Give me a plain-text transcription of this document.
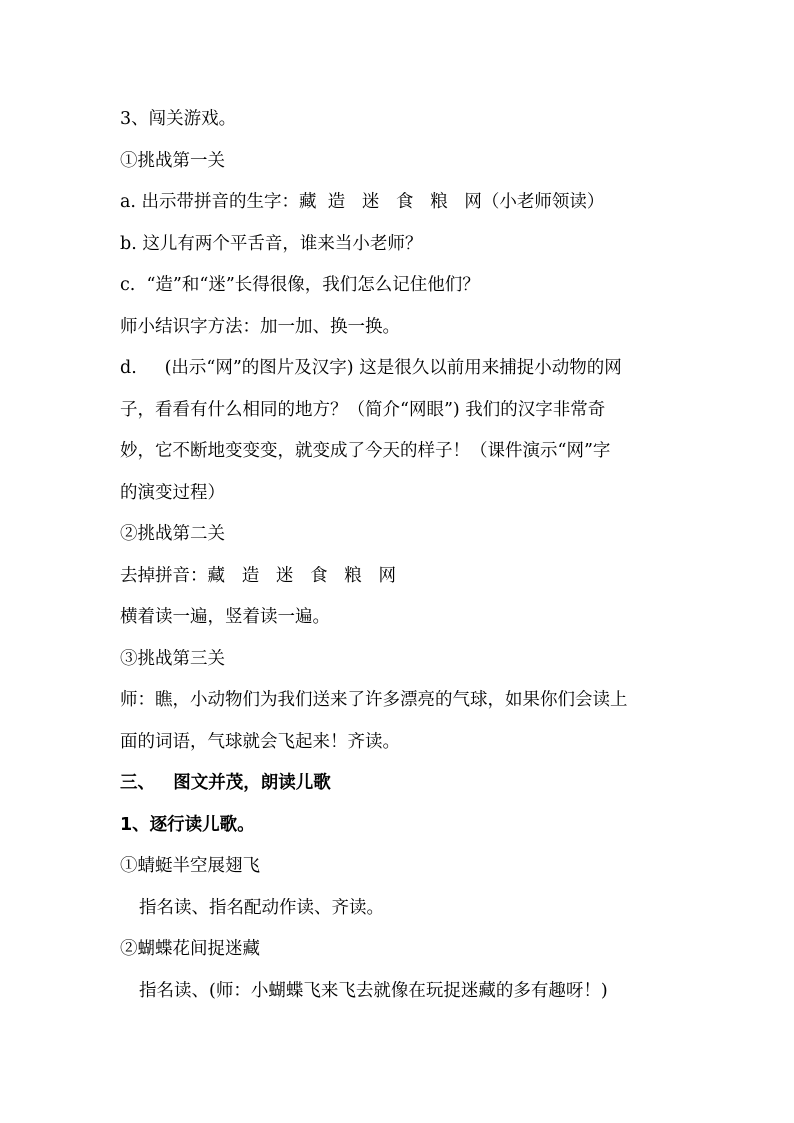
3、闯关游戏。
①挑战第一关
a. 出示带拼音的生字：藏  造   迷   食   粮   网（小老师领读）
b. 这儿有两个平舌音，谁来当小老师？
c.  “造”和“迷”长得很像，我们怎么记住他们？
师小结识字方法：加一加、换一换。
d.     (出示“网”的图片及汉字) 这是很久以前用来捕捉小动物的网
子，看看有什么相同的地方？（简介“网眼”) 我们的汉字非常奇
妙，它不断地变变变，就变成了今天的样子！（课件演示“网”字
的演变过程）
②挑战第二关
去掉拼音：藏   造   迷   食   粮   网
横着读一遍，竖着读一遍。
③挑战第三关
师：瞧，小动物们为我们送来了许多漂亮的气球，如果你们会读上
面的词语，气球就会飞起来！齐读。
三、   图文并茂，朗读儿歌
1、逐行读儿歌。
①蜻蜓半空展翅飞
指名读、指名配动作读、齐读。
②蝴蝶花间捉迷藏
指名读、(师：小蝴蝶飞来飞去就像在玩捉迷藏的多有趣呀！)
